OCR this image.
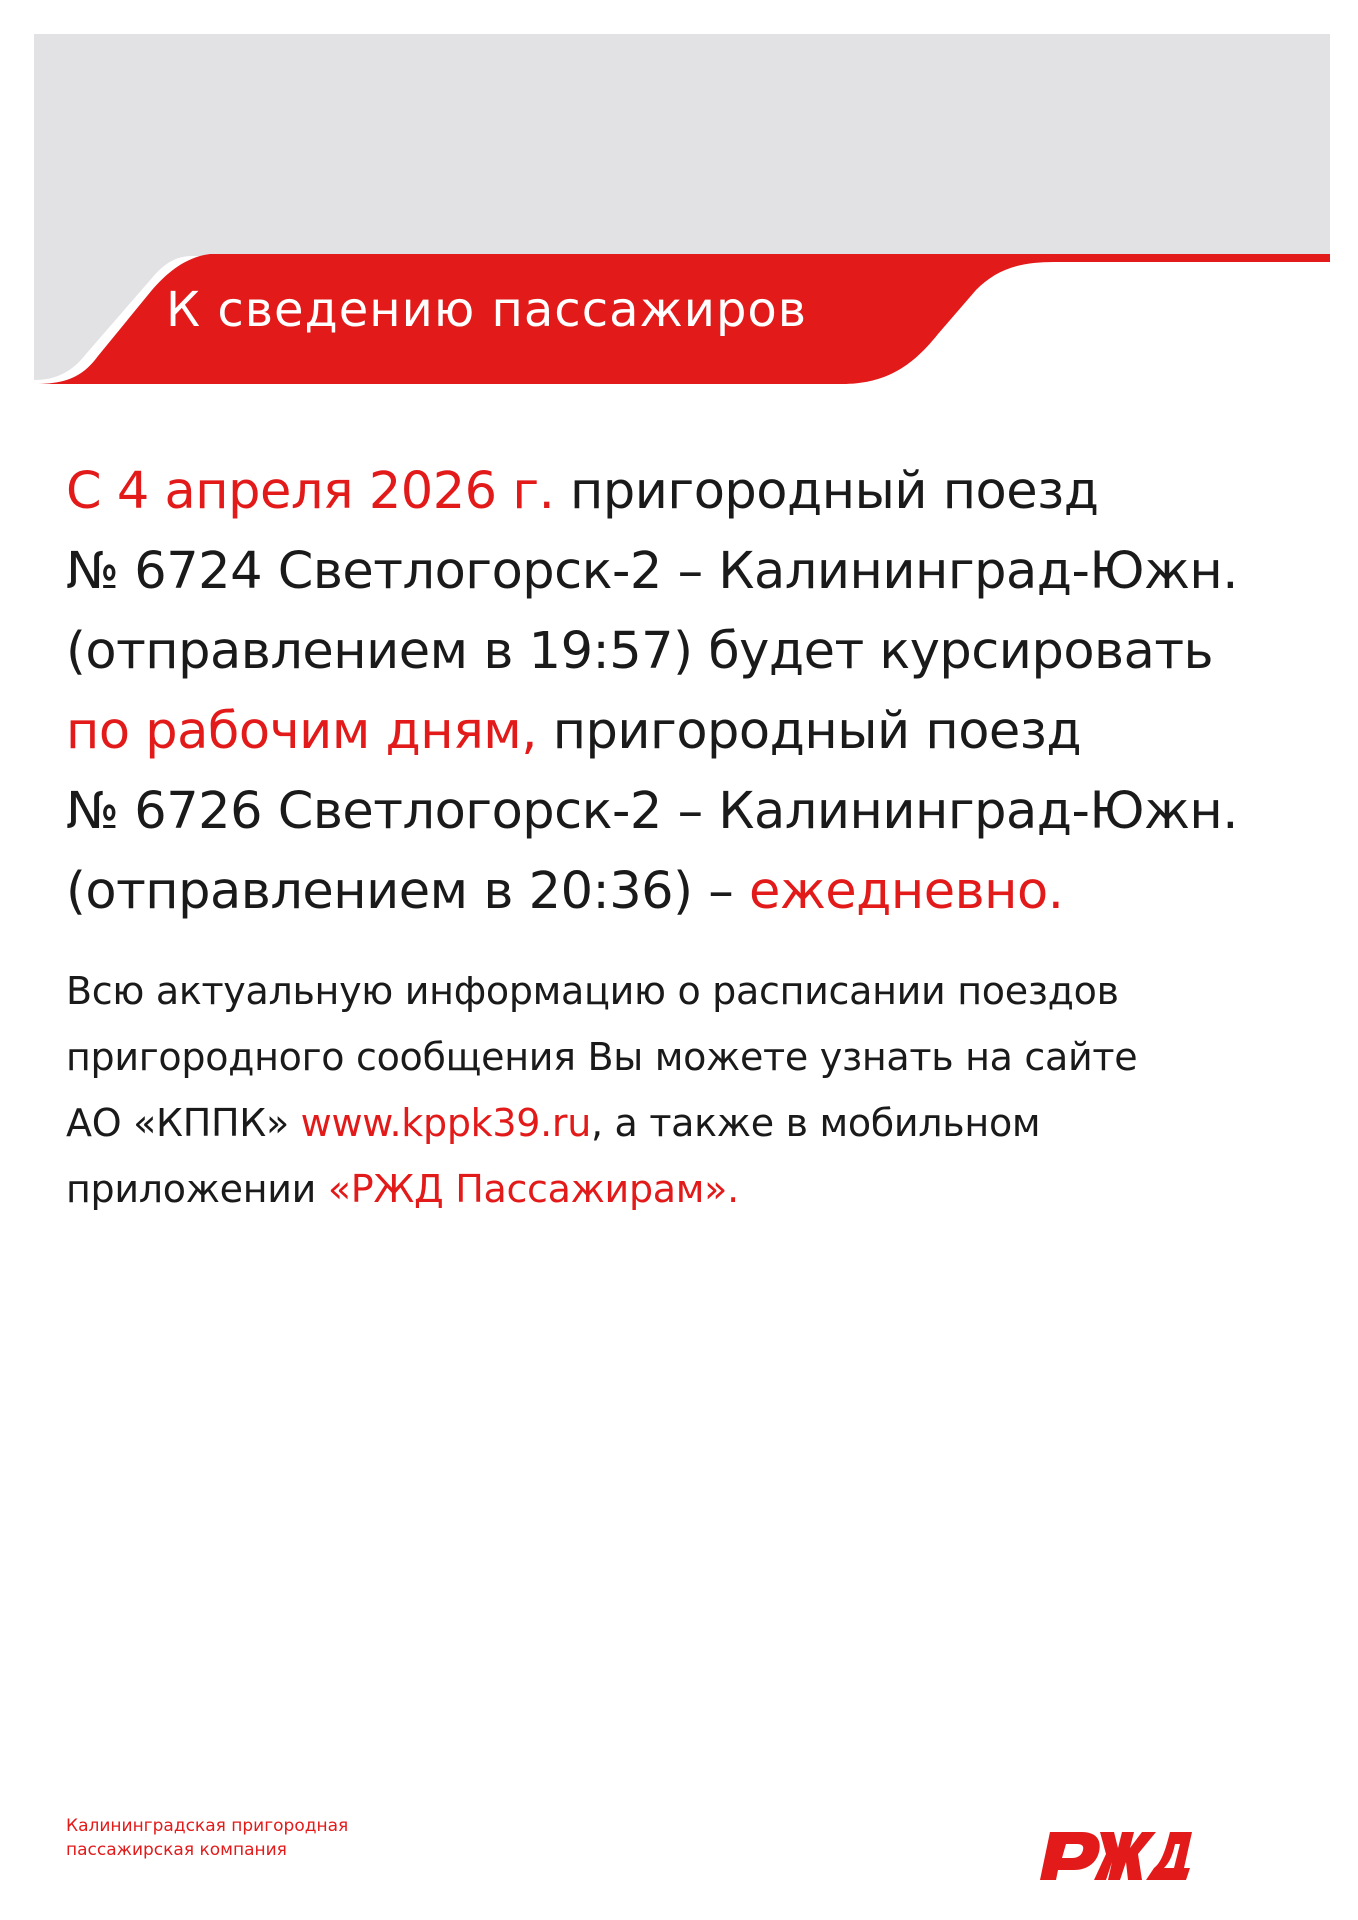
К сведению пассажиров
С 4 апреля 2026 г. пригородный поезд
№ 6724 Светлогорск-2 – Калининград-Южн.
(отправлением в 19:57) будет курсировать
по рабочим дням, пригородный поезд
№ 6726 Светлогорск-2 – Калининград-Южн.
(отправлением в 20:36) – ежедневно.
Всю актуальную информацию о расписании поездов
пригородного сообщения Вы можете узнать на сайте
АО «КППК» www.kppk39.ru, а также в мобильном
приложении «РЖД Пассажирам».
Калининградская пригородная
пассажирская компания
